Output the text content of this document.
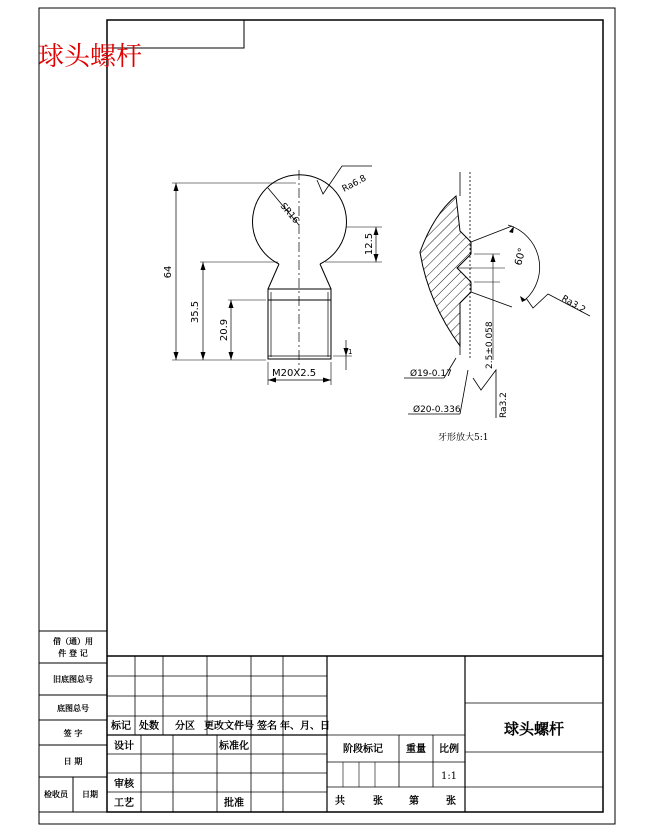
球头螺杆
64
35.5
20.9
12.5
SR16
M20X2.5
1
Ra6.8
60°
Ra3.2
2.5±0.058
Ra3.2
Ø19-0.17
Ø20-0.336
牙形放大5:1
借（通）用
件 登 记
旧底图总号
底图总号
签 字
日 期
检收员 日期
标记 处数 分区 更改文件号 签名 年、月、日
设计	标准化
审核
工艺	批准
阶段标记 重量 比例
1:1
共	张	第	张
球头螺杆
